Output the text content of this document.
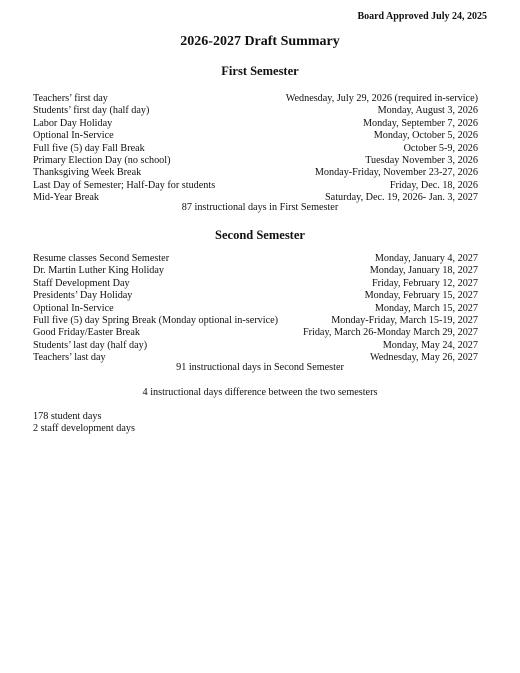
Board Approved July 24, 2025
2026-2027 Draft Summary
First Semester
Teachers’ first day	Wednesday, July 29, 2026 (required in-service)
Students’ first day (half day)	Monday, August 3, 2026
Labor Day Holiday	Monday, September 7, 2026
Optional In-Service	Monday, October 5, 2026
Full five (5) day Fall Break	October 5-9, 2026
Primary Election Day (no school)	Tuesday November 3, 2026
Thanksgiving Week Break	Monday-Friday, November 23-27, 2026
Last Day of Semester; Half-Day for students	Friday, Dec. 18, 2026
Mid-Year Break	Saturday, Dec. 19, 2026- Jan. 3, 2027
87 instructional days in First Semester
Second Semester
Resume classes Second Semester	Monday, January 4, 2027
Dr. Martin Luther King Holiday	Monday, January 18, 2027
Staff Development Day	Friday, February 12, 2027
Presidents’ Day Holiday	Monday, February 15, 2027
Optional In-Service	Monday, March 15, 2027
Full five (5) day Spring Break (Monday optional in-service)	Monday-Friday, March 15-19, 2027
Good Friday/Easter Break	Friday, March 26-Monday March 29, 2027
Students’ last day (half day)	Monday, May 24, 2027
Teachers’ last day	Wednesday, May 26, 2027
91 instructional days in Second Semester
4 instructional days difference between the two semesters
178 student days
2 staff development days
